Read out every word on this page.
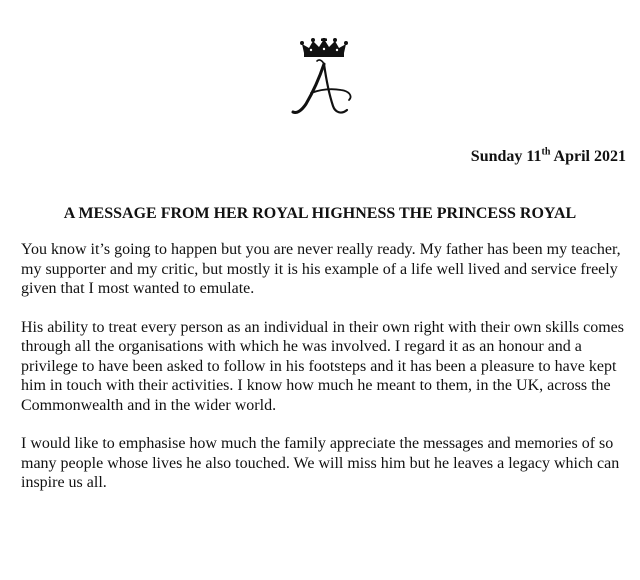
Sunday 11th April 2021
A MESSAGE FROM HER ROYAL HIGHNESS THE PRINCESS ROYAL

You know it’s going to happen but you are never really ready. My father has been my teacher, my supporter and my critic, but mostly it is his example of a life well lived and service freely given that I most wanted to emulate.

His ability to treat every person as an individual in their own right with their own skills comes through all the organisations with which he was involved. I regard it as an honour and a privilege to have been asked to follow in his footsteps and it has been a pleasure to have kept him in touch with their activities. I know how much he meant to them, in the UK, across the Commonwealth and in the wider world.

I would like to emphasise how much the family appreciate the messages and memories of so many people whose lives he also touched. We will miss him but he leaves a legacy which can inspire us all.
